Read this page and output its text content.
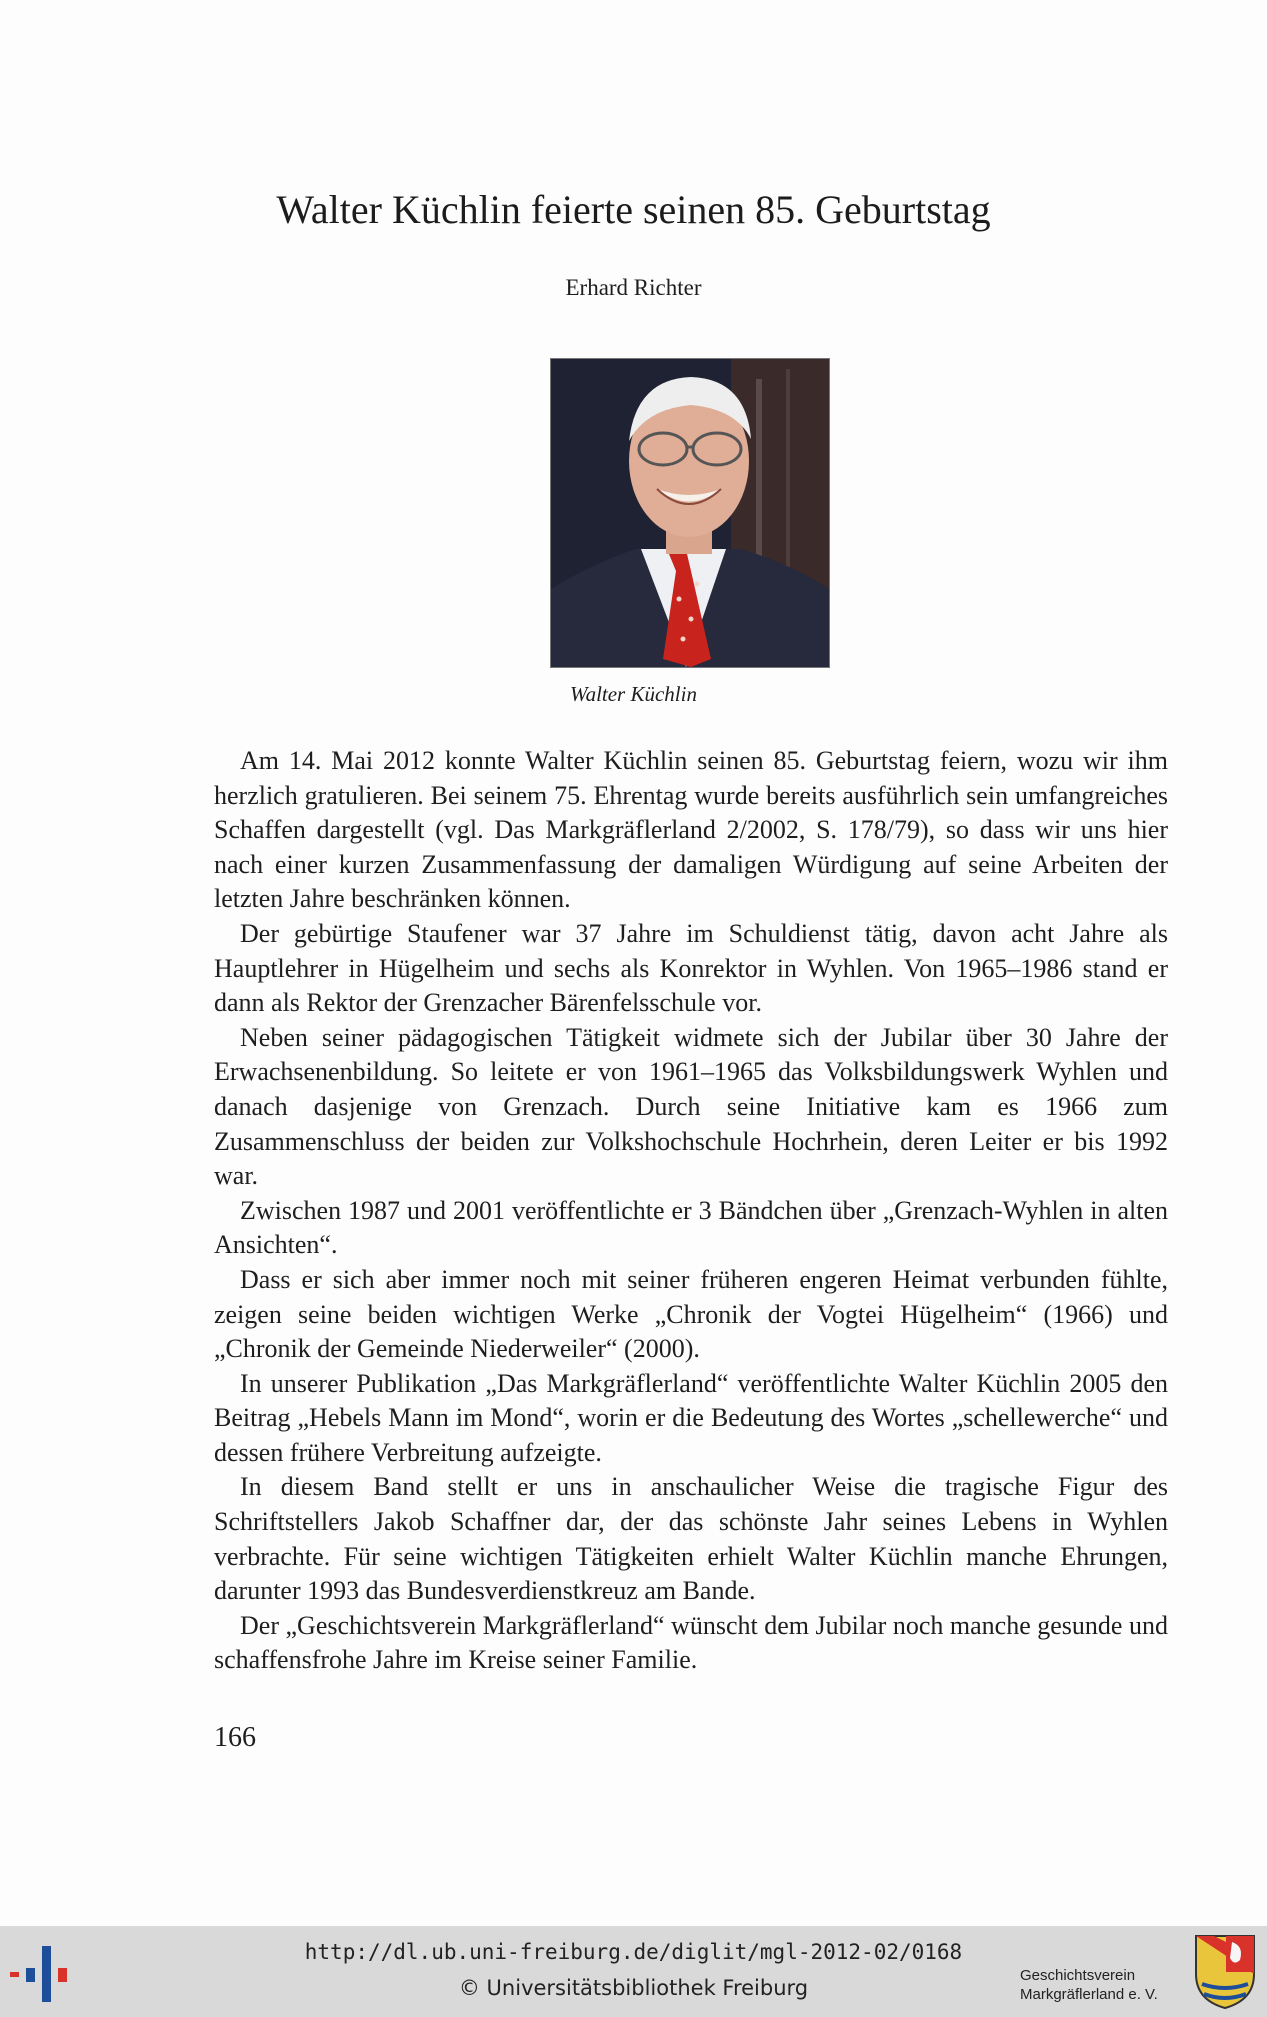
Walter Küchlin feierte seinen 85. Geburtstag
Erhard Richter
Walter Küchlin

Am 14. Mai 2012 konnte Walter Küchlin seinen 85. Geburtstag feiern, wozu wir ihm herzlich gratulieren. Bei seinem 75. Ehrentag wurde bereits ausführlich sein umfangreiches Schaffen dargestellt (vgl. Das Markgräflerland 2/2002, S. 178/79), so dass wir uns hier nach einer kurzen Zusammenfassung der damaligen Würdigung auf seine Arbeiten der letzten Jahre beschränken können.

Der gebürtige Staufener war 37 Jahre im Schuldienst tätig, davon acht Jahre als Hauptlehrer in Hügelheim und sechs als Konrektor in Wyhlen. Von 1965–1986 stand er dann als Rektor der Grenzacher Bärenfelsschule vor.

Neben seiner pädagogischen Tätigkeit widmete sich der Jubilar über 30 Jahre der Erwachsenenbildung. So leitete er von 1961–1965 das Volksbildungswerk Wyhlen und danach dasjenige von Grenzach. Durch seine Initiative kam es 1966 zum Zusammenschluss der beiden zur Volkshochschule Hochrhein, deren Leiter er bis 1992 war.

Zwischen 1987 und 2001 veröffentlichte er 3 Bändchen über „Grenzach-Wyhlen in alten Ansichten“.

Dass er sich aber immer noch mit seiner früheren engeren Heimat verbunden fühlte, zeigen seine beiden wichtigen Werke „Chronik der Vogtei Hügelheim“ (1966) und „Chronik der Gemeinde Niederweiler“ (2000).

In unserer Publikation „Das Markgräflerland“ veröffentlichte Walter Küchlin 2005 den Beitrag „Hebels Mann im Mond“, worin er die Bedeutung des Wortes „schellewerche“ und dessen frühere Verbreitung aufzeigte.

In diesem Band stellt er uns in anschaulicher Weise die tragische Figur des Schriftstellers Jakob Schaffner dar, der das schönste Jahr seines Lebens in Wyhlen verbrachte. Für seine wichtigen Tätigkeiten erhielt Walter Küchlin manche Ehrungen, darunter 1993 das Bundesverdienstkreuz am Bande.

Der „Geschichtsverein Markgräflerland“ wünscht dem Jubilar noch manche gesunde und schaffensfrohe Jahre im Kreise seiner Familie.

166
http://dl.ub.uni-freiburg.de/diglit/mgl-2012-02/0168
© Universitätsbibliothek Freiburg
Geschichtsverein
Markgräflerland e. V.
